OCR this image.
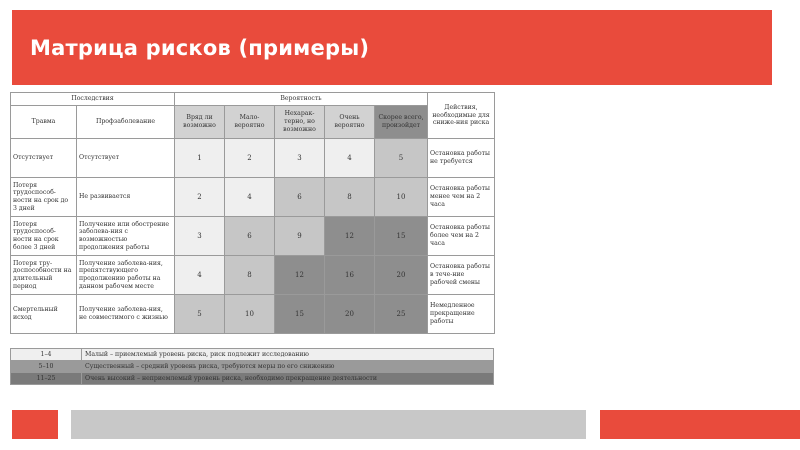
Матрица рисков (примеры)
Последствия		Вероятность					Действия, необходимые для сниже-ния риска
Травма	Профзаболевание	Вряд ли возможно	Мало-вероятно	Нехарак-терно, но возможно	Очень вероятно	Скорее всего, произойдет	
Отсутствует	Отсутствует	1	2	3	4	5	Остановка работы не требуется
Потеря трудоспособ-ности на срок до 3 дней	Не развивается	2	4	6	8	10	Остановка работы менее чем на 2 часа
Потеря трудоспособ-ности на срок более 3 дней	Получение или обострение заболева-ния с возможностью продолжения работы	3	6	9	12	15	Остановка работы более чем на 2 часа
Потеря тру-доспособности на длительный период	Получение заболева-ния, препятствующего продолжению работы на данном рабочем месте	4	8	12	16	20	Остановка работы в тече-ние рабочей смены
Смертельный исход	Получение заболева-ния, не совместимого с жизнью	5	10	15	20	25	Немедленное прекращение работы
1–4	Малый – приемлемый уровень риска, риск подлежит исследованию
5–10	Существенный – средний уровень риска, требуются меры по его снижению
11–25	Очень высокий – неприемлемый уровень риска, необходимо прекращение деятельности
